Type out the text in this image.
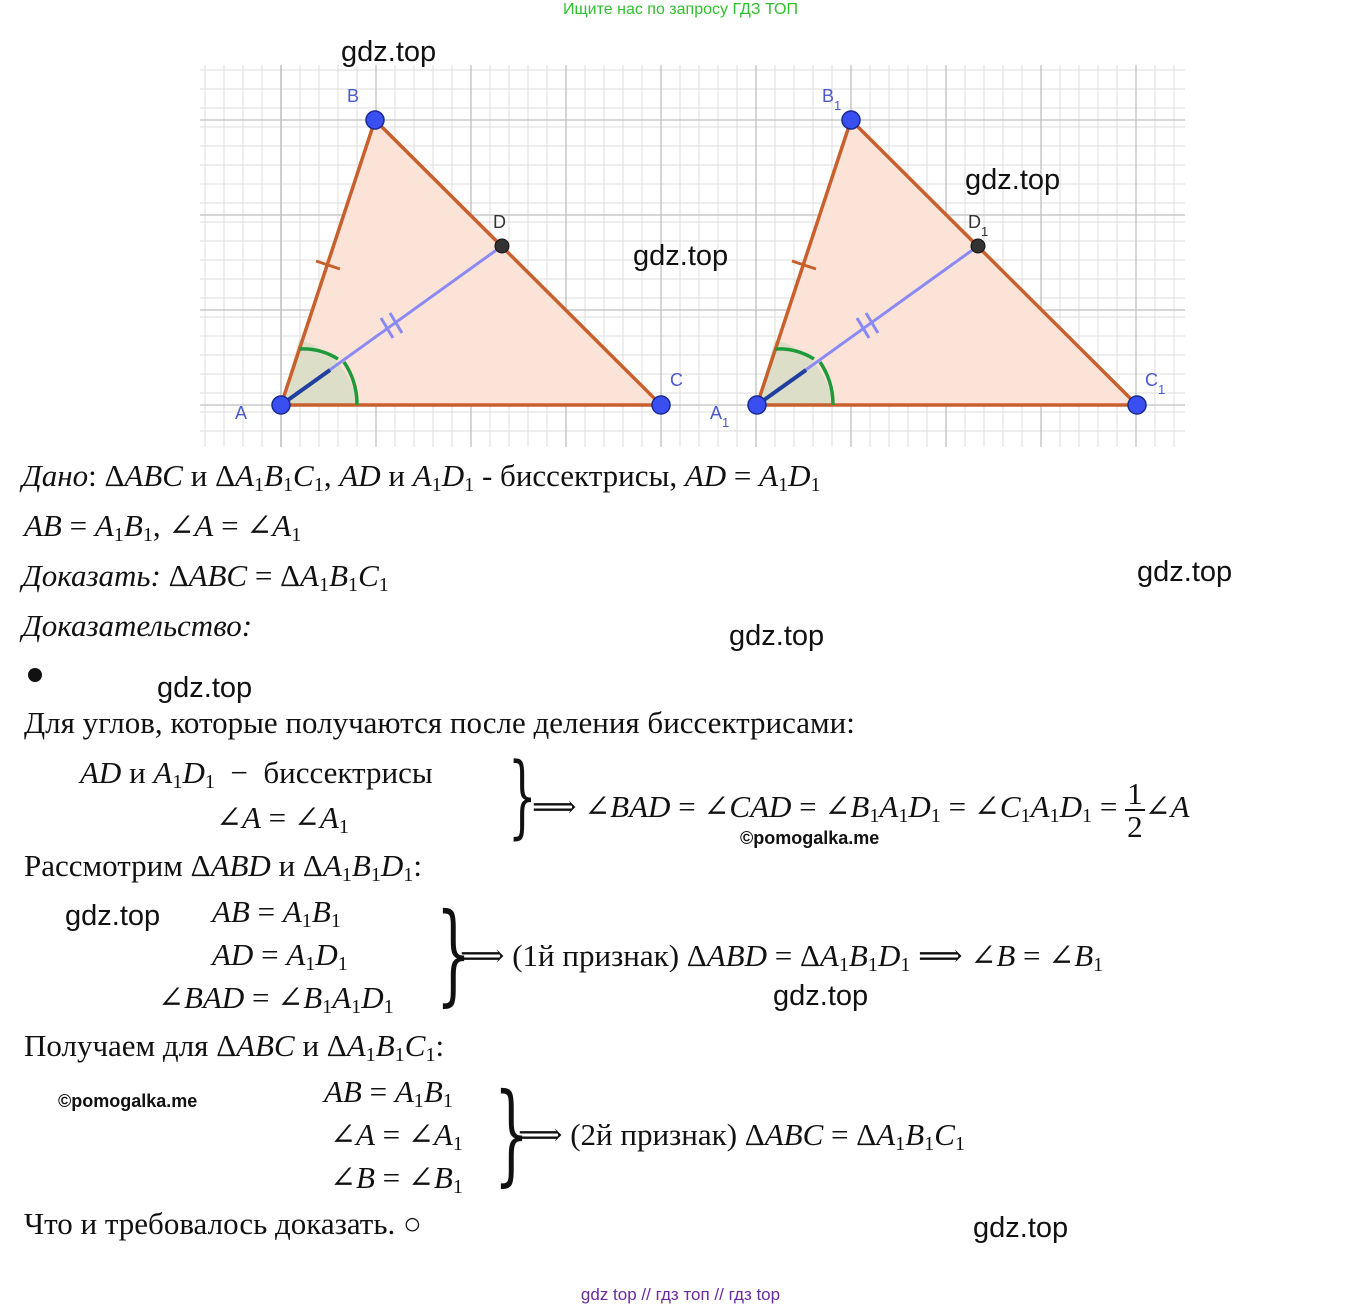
Ищите нас по запросу ГДЗ ТОП
A
B
C
D
$A_1$
$B_1$
$C_1$
$D_1$
gdz.top
gdz.top
gdz.top
gdz.top
gdz.top
gdz.top
gdz.top
gdz.top
gdz.top
©pomogalka.me
©pomogalka.me
Дано: ΔABC и $\Delta A_1B_1C_1$, AD и $A_1D_1$ - биссектрисы, AD = $A_1D_1$
AB = $A_1B_1$, ∠A = $\angle A_1$
Доказать: $\Delta ABC = \Delta A_1B_1C_1$
Доказательство:
Для углов, которые получаются после деления биссектрисами:
AD и $A_1D_1$  −  биссектрисы
∠A = $\angle A_1$ }
⟹ ∠BAD = ∠CAD = $\angle B_1A_1D_1$ = $\angle C_1A_1D_1 = \frac{1}{2}$ ∠A
Рассмотрим ΔABD и $\Delta A_1B_1D_1$:
AB = $A_1B_1$
AD = $A_1D_1$
∠BAD = $\angle B_1A_1D_1$ }
⟹ (1й признак) $\Delta ABD = \Delta A_1B_1D_1$ ⟹ ∠B = $\angle B_1$
Получаем для ΔABC и $\Delta A_1B_1C_1$:
AB = $A_1B_1$
∠A = $\angle A_1$
∠B = $\angle B_1$ }
⟹ (2й признак) $\Delta ABC = \Delta A_1B_1C_1$
Что и требовалось доказать. ○
gdz top // гдз топ // гдз top
